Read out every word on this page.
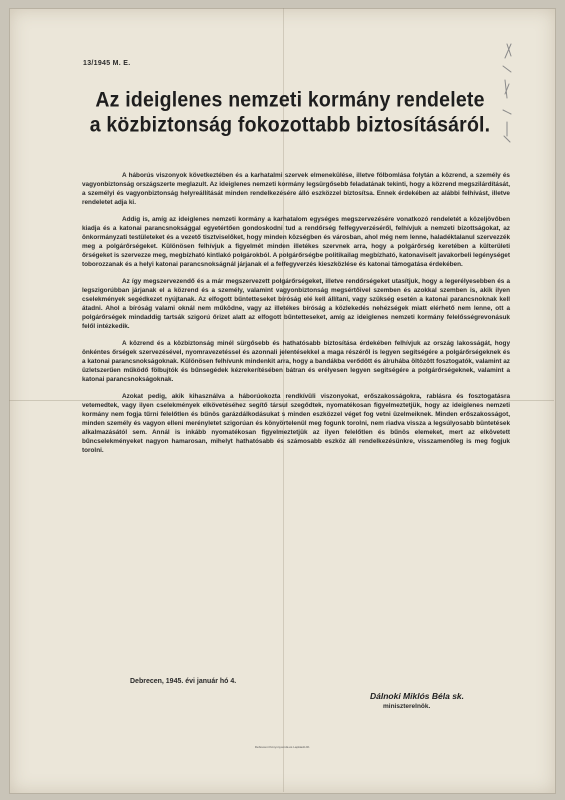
13/1945 M. E.
Az ideiglenes nemzeti kormány rendelete
a közbiztonság fokozottabb biztosításáról.

A háborús viszonyok következtében és a karhatalmi szervek elmenekülése, illetve fölbomlása folytán a közrend, a személy és vagyonbiztonság országszerte meglazult. Az ideiglenes nemzeti kormány legsürgősebb feladatának tekinti, hogy a közrend megszilárdítását, a személyi és vagyonbiztonság helyreállítását minden rendelkezésére álló eszközzel biztosítsa. Ennek érdekében az alábbi felhívást, illetve rendeletet adja ki.

Addig is, amíg az ideiglenes nemzeti kormány a karhatalom egységes megszervezésére vonatkozó rendeletét a közeljövőben kiadja és a katonai parancsnoksággal egyetértően gondoskodni tud a rendőrség felfegyverzéséről, felhívjuk a nemzeti bizottságokat, az önkormányzati testületeket és a vezető tisztviselőket, hogy minden községben és városban, ahol még nem lenne, haladéktalanul szervezzék meg a polgárőrségeket. Különösen felhívjuk a figyelmét minden illetékes szervnek arra, hogy a polgárőrség keretében a külterületi őrségeket is szervezze meg, megbízható kintlakó polgárokból. A polgárőrségbe politikailag megbízható, katonaviselt javakorbeli legénységet toborozzanak és a helyi katonai parancsnokságnál járjanak el a felfegyverzés kieszközlése és katonai támogatása érdekében.

Az így megszervezendő és a már megszervezett polgárőrségeket, illetve rendőrségeket utasítjuk, hogy a legerélyesebben és a legszigorúbban járjanak el a közrend és a személy, valamint vagyonbiztonság megsértőivel szemben és azokkal szemben is, akik ilyen cselekmények segédkezet nyújtanak. Az elfogott bűntetteseket bíróság elé kell állítani, vagy szükség esetén a katonai parancsnoknak kell átadni. Ahol a bíróság valami oknál nem működne, vagy az illetékes bíróság a közlekedés nehézségek miatt elérhető nem lenne, ott a polgárőrségek mindaddig tartsák szigorú őrizet alatt az elfogott bűntetteseket, amíg az ideiglenes nemzeti kormány felelősségrevonásuk felől intézkedik.

A közrend és a közbiztonság minél sürgősebb és hathatósabb biztosítása érdekében felhívjuk az ország lakosságát, hogy önkéntes őrségek szervezésével, nyomravezetéssel és azonnali jelentésekkel a maga részéről is legyen segítségére a polgárőrségeknek és a katonai parancsnokságoknak. Különösen felhívunk mindenkit arra, hogy a bandákba verődött és álruhába öltözött fosztogatók, valamint az üzletszerűen működő fölbujtók és bűnsegédek kézrekerítésében bátran és erélyesen legyen segítségére a polgárőrségeknek, valamint a katonai parancsnokságoknak.

Azokat pedig, akik kihasználva a háborúokozta rendkívüli viszonyokat, erőszakosságokra, rablásra és fosztogatásra vetemedtek, vagy ilyen cselekmények elkövetéséhez segítő társul szegődtek, nyomatékosan figyelmeztetjük, hogy az ideiglenes nemzeti kormány nem fogja tűrni felelőtlen és bűnös garázdálkodásukat s minden eszközzel véget fog vetni üzelmeiknek. Minden erőszakosságot, minden személy és vagyon elleni merényletet szigorúan és könyörtelenül meg fogunk torolni, nem riadva vissza a legsúlyosabb büntetések alkalmazásától sem. Annál is inkább nyomatékosan figyelmeztetjük az ilyen felelőtlen és bűnös elemeket, mert az elkövetett bűncselekményeket nagyon hamarosan, mihelyt hathatósabb és számosabb eszköz áll rendelkezésünkre, visszamenőleg is meg fogjuk torolni.

Debrecen, 1945. évi január hó 4.
Dálnoki Miklós Béla sk.
miniszterelnök.
Debreceni Könyvnyomda és Lapkiadó Rt.
